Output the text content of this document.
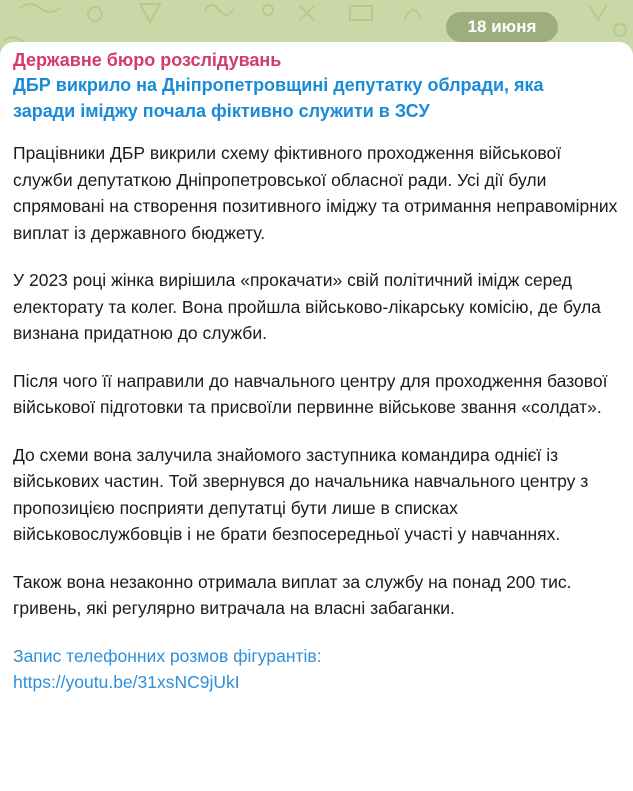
18 июня
Державне бюро розслідувань
ДБР викрило на Дніпропетровщині депутатку облради, яка заради іміджу почала фіктивно служити в ЗСУ
Працівники ДБР викрили схему фіктивного проходження військової служби депутаткою Дніпропетровської обласної ради. Усі дії були спрямовані на створення позитивного іміджу та отримання неправомірних виплат із державного бюджету.
У 2023 році жінка вирішила «прокачати» свій політичний імідж серед електорату та колег. Вона пройшла військово-лікарську комісію, де була визнана придатною до служби.
Після чого її направили до навчального центру для проходження базової військової підготовки та присвоїли первинне військове звання «солдат».
До схеми вона залучила знайомого заступника командира однієї із військових частин. Той звернувся до начальника навчального центру з пропозицією посприяти депутатці бути лише в списках військовослужбовців і не брати безпосередньої участі у навчаннях.
Також вона незаконно отримала виплат за службу на понад 200 тис. гривень, які регулярно витрачала на власні забаганки.
Запис телефонних розмов фігурантів:
https://youtu.be/31xsNC9jUkI
